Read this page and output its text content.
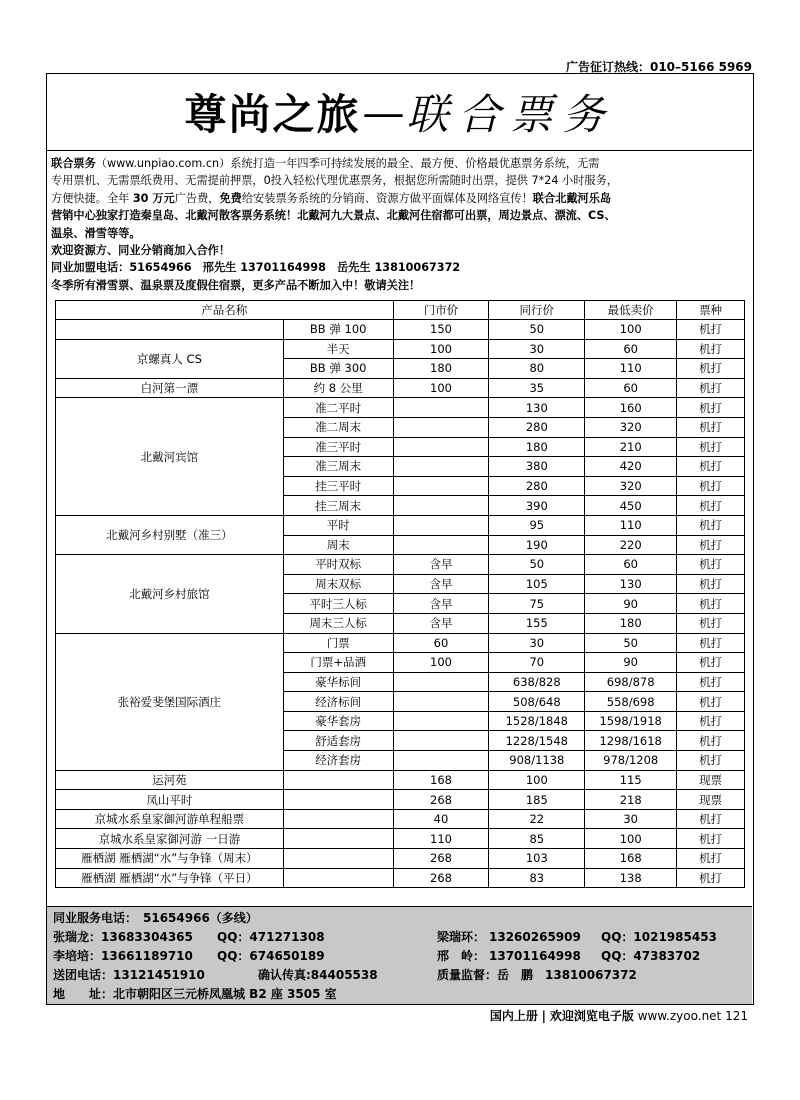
广告征订热线：010–5166 5969
尊尚之旅 — 联合票务

联合票务（www.unpiao.com.cn）系统打造一年四季可持续发展的最全、最方便、价格最优惠票务系统，无需

专用票机、无需票纸费用、无需提前押票，0投入轻松代理优惠票务，根据您所需随时出票，提供 7*24 小时服务，

方便快捷。全年 30 万元广告费，免费给安装票务系统的分销商、资源方做平面媒体及网络宣传！联合北戴河乐岛

营销中心独家打造秦皇岛、北戴河散客票务系统！北戴河九大景点、北戴河住宿都可出票，周边景点、漂流、CS、

温泉、滑雪等等。

欢迎资源方、同业分销商加入合作！

同业加盟电话：51654966　邢先生 13701164998　岳先生 13810067372

冬季所有滑雪票、温泉票及度假住宿票，更多产品不断加入中！敬请关注！

产品名称		门市价	同行价	最低卖价	票种
	BB 弹 100	150	50	100	机打
京螺真人 CS	半天	100	30	60	机打
	BB 弹 300	180	80	110	机打
白河第一漂	约 8 公里	100	35	60	机打
北戴河宾馆	准二平时		130	160	机打
	准二周末		280	320	机打
	准三平时		180	210	机打
	准三周末		380	420	机打
	挂三平时		280	320	机打
	挂三周末		390	450	机打
北戴河乡村别墅（准三）	平时		95	110	机打
	周末		190	220	机打
北戴河乡村旅馆	平时双标	含早	50	60	机打
	周末双标	含早	105	130	机打
	平时三人标	含早	75	90	机打
	周末三人标	含早	155	180	机打
张裕爱斐堡国际酒庄	门票	60	30	50	机打
	门票+品酒	100	70	90	机打
	豪华标间		638/828	698/878	机打
	经济标间		508/648	558/698	机打
	豪华套房		1528/1848	1598/1918	机打
	舒适套房		1228/1548	1298/1618	机打
	经济套房		908/1138	978/1208	机打
运河苑		168	100	115	现票
凤山平时		268	185	218	现票
京城水系皇家御河游单程船票		40	22	30	机打
京城水系皇家御河游 一日游		110	85	100	机打
雁栖湖 雁栖湖“水”与争锋（周末）		268	103	168	机打
雁栖湖 雁栖湖“水”与争锋（平日）		268	83	138	机打
同业服务电话：　51654966（多线）
张瑞龙：13683304365 QQ：471271308	梁瑞环： 13260265909 QQ：1021985453
李培培：13661189710 QQ：674650189	邢　岭： 13701164998 QQ：47383702
送团电话：13121451910	确认传真:84405538	质量监督：岳　鹏　13810067372
地　　址：北市朝阳区三元桥凤凰城 B2 座 3505 室
国内上册 | 欢迎浏览电子版 www.zyoo.net 121
